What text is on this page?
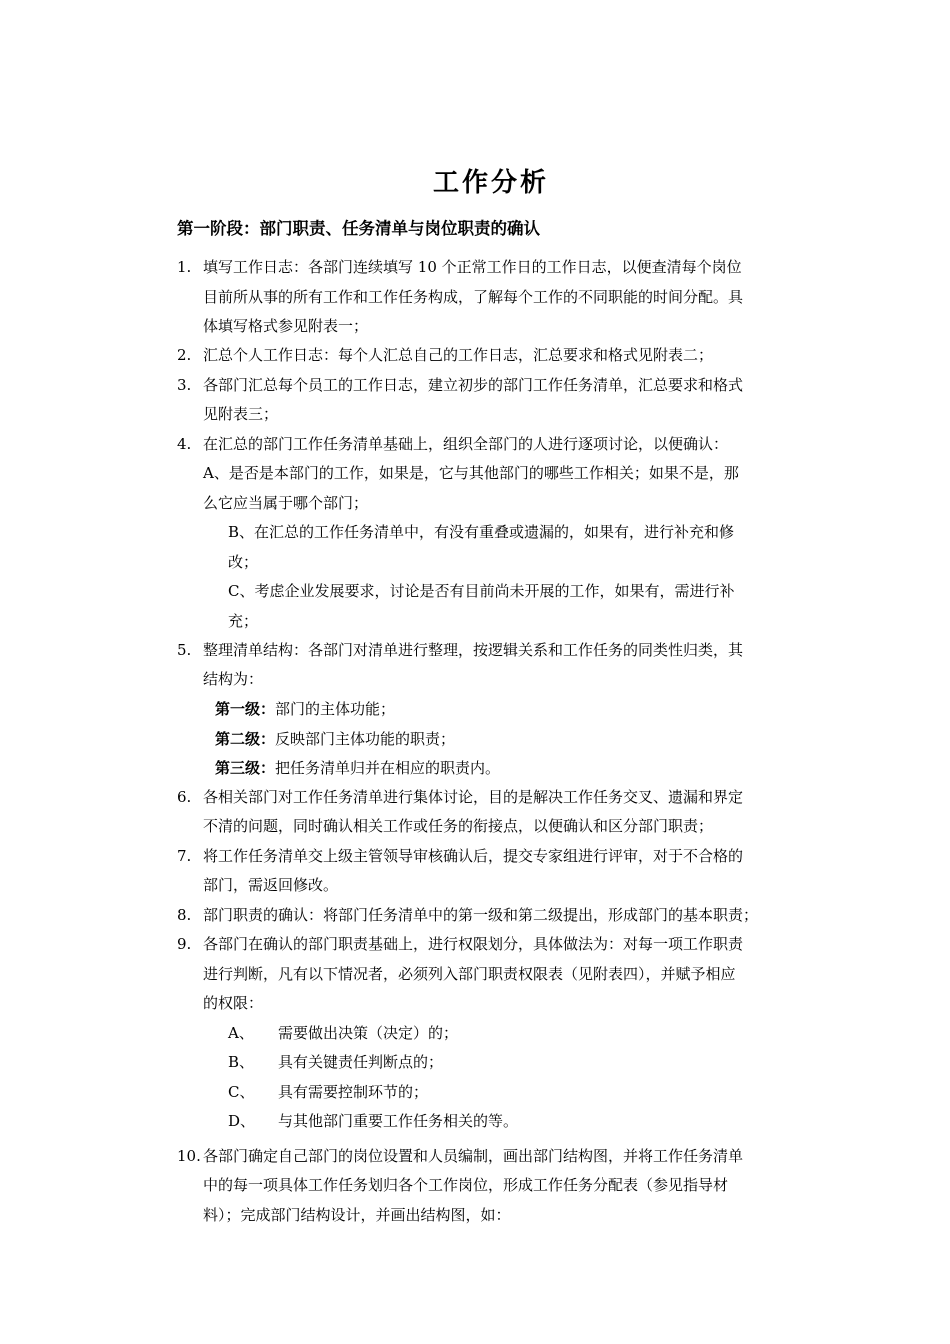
工作分析
第一阶段：部门职责、任务清单与岗位职责的确认
1. 填写工作日志：各部门连续填写 10 个正常工作日的工作日志，以便查清每个岗位
目前所从事的所有工作和工作任务构成，了解每个工作的不同职能的时间分配。具
体填写格式参见附表一；
2. 汇总个人工作日志：每个人汇总自己的工作日志，汇总要求和格式见附表二；
3. 各部门汇总每个员工的工作日志，建立初步的部门工作任务清单，汇总要求和格式
见附表三；
4. 在汇总的部门工作任务清单基础上，组织全部门的人进行逐项讨论，以便确认：
A、是否是本部门的工作，如果是，它与其他部门的哪些工作相关；如果不是，那
么它应当属于哪个部门；
B、在汇总的工作任务清单中，有没有重叠或遗漏的，如果有，进行补充和修
改；
C、考虑企业发展要求，讨论是否有目前尚未开展的工作，如果有，需进行补
充；
5. 整理清单结构：各部门对清单进行整理，按逻辑关系和工作任务的同类性归类，其
结构为：
第一级：部门的主体功能；
第二级：反映部门主体功能的职责；
第三级：把任务清单归并在相应的职责内。
6. 各相关部门对工作任务清单进行集体讨论，目的是解决工作任务交叉、遗漏和界定
不清的问题，同时确认相关工作或任务的衔接点，以便确认和区分部门职责；
7. 将工作任务清单交上级主管领导审核确认后，提交专家组进行评审，对于不合格的
部门，需返回修改。
8. 部门职责的确认：将部门任务清单中的第一级和第二级提出，形成部门的基本职责；
9. 各部门在确认的部门职责基础上，进行权限划分，具体做法为：对每一项工作职责
进行判断，凡有以下情况者，必须列入部门职责权限表（见附表四），并赋予相应
的权限：
A、 需要做出决策（决定）的；
B、 具有关键责任判断点的；
C、 具有需要控制环节的；
D、 与其他部门重要工作任务相关的等。
10. 各部门确定自己部门的岗位设置和人员编制，画出部门结构图，并将工作任务清单
中的每一项具体工作任务划归各个工作岗位，形成工作任务分配表（参见指导材
料）；完成部门结构设计，并画出结构图，如：
